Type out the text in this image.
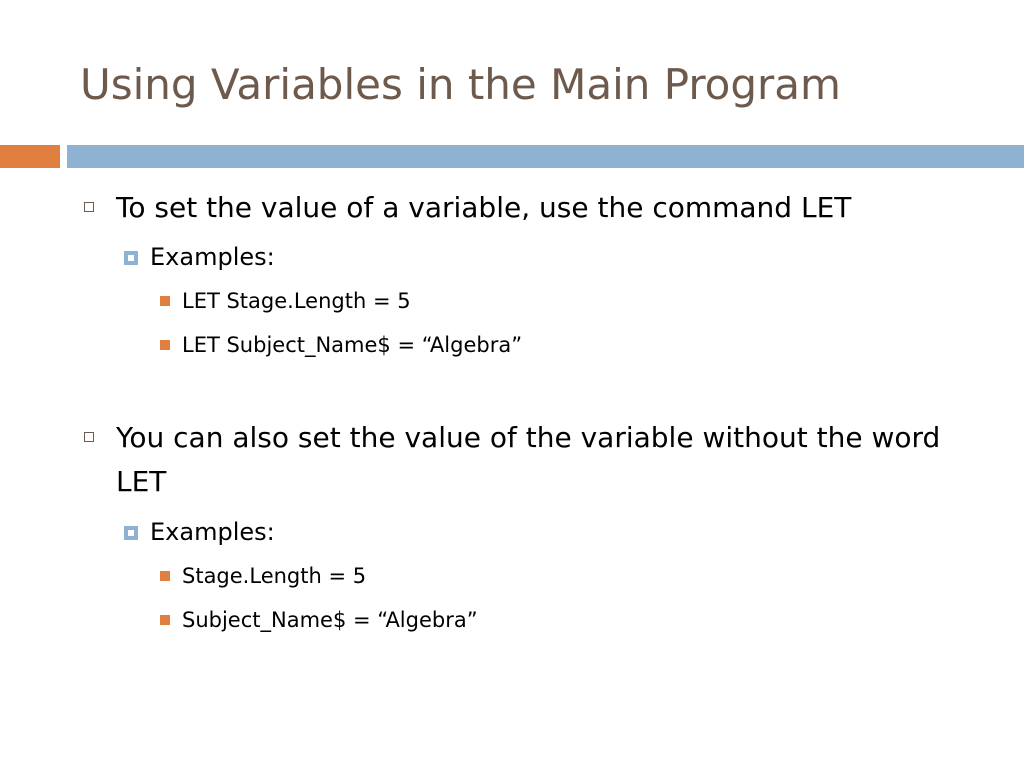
Using Variables in the Main Program
To set the value of a variable, use the command LET
Examples:
LET Stage.Length = 5
LET Subject_Name$ = “Algebra”
You can also set the value of the variable without the word LET
Examples:
Stage.Length = 5
Subject_Name$ = “Algebra”
